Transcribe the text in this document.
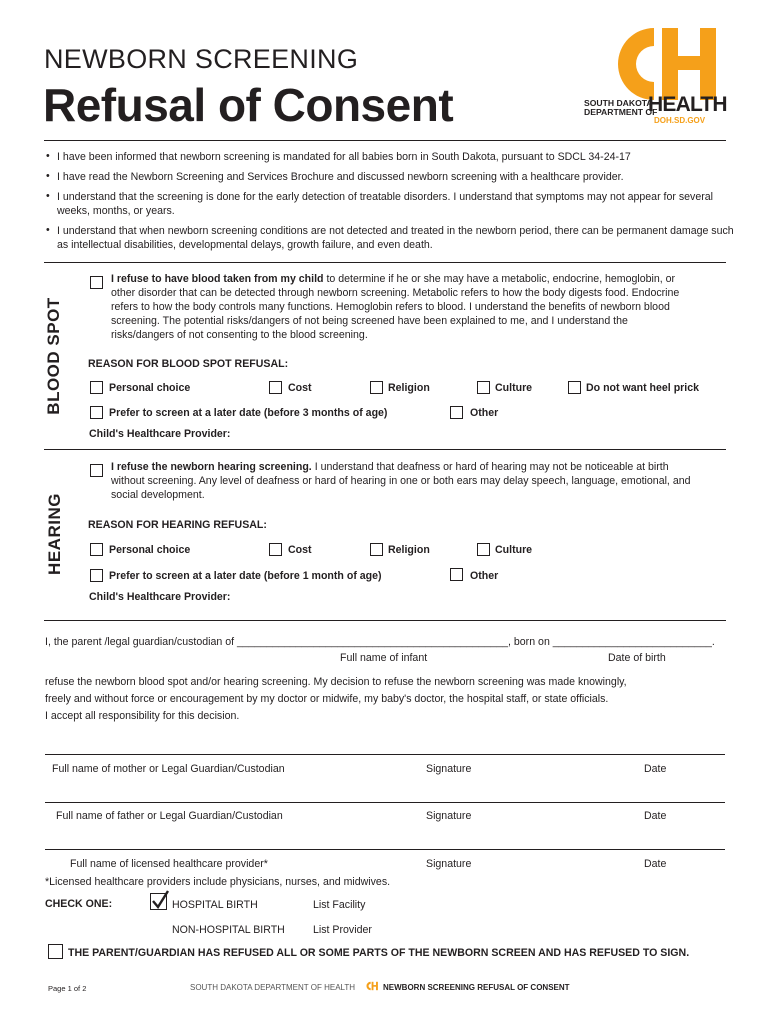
NEWBORN SCREENING
Refusal of Consent	SOUTH DAKOTA
DEPARTMENT OF
HEALTH
DOH.SD.GOV
• I have been informed that newborn screening is mandated for all babies born in South Dakota, pursuant to SDCL 34-24-17
• I have read the Newborn Screening and Services Brochure and discussed newborn screening with a healthcare provider.
• I understand that the screening is done for the early detection of treatable disorders. I understand that symptoms may not appear for several weeks, months, or years.
• I understand that when newborn screening conditions are not detected and treated in the newborn period, there can be permanent damage such as intellectual disabilities, developmental delays, growth failure, and even death.
BLOOD SPOT
I refuse to have blood taken from my child to determine if he or she may have a metabolic, endocrine, hemoglobin, or other disorder that can be detected through newborn screening. Metabolic refers to how the body digests food. Endocrine refers to how the body controls many functions. Hemoglobin refers to blood. I understand the benefits of newborn blood screening. The potential risks/dangers of not being screened have been explained to me, and I understand the risks/dangers of not consenting to the blood screening.
REASON FOR BLOOD SPOT REFUSAL:
Personal choice	Cost	Religion	Culture	Do not want heel prick
Prefer to screen at a later date (before 3 months of age)	Other
Child's Healthcare Provider:
HEARING
I refuse the newborn hearing screening. I understand that deafness or hard of hearing may not be noticeable at birth without screening. Any level of deafness or hard of hearing in one or both ears may delay speech, language, emotional, and social development.
REASON FOR HEARING REFUSAL:
Personal choice	Cost	Religion	Culture
Prefer to screen at a later date (before 1 month of age)	Other
Child's Healthcare Provider:
I, the parent /legal guardian/custodian of ______________________________________________, born on ___________________________.
Full name of infant	Date of birth
refuse the newborn blood spot and/or hearing screening. My decision to refuse the newborn screening was made knowingly,
freely and without force or encouragement by my doctor or midwife, my baby's doctor, the hospital staff, or state officials.
I accept all responsibility for this decision.
Full name of mother or Legal Guardian/Custodian	Signature	Date
Full name of father or Legal Guardian/Custodian	Signature	Date
Full name of licensed healthcare provider*	Signature	Date
*Licensed healthcare providers include physicians, nurses, and midwives.
CHECK ONE:	HOSPITAL BIRTH	List Facility
NON-HOSPITAL BIRTH	List Provider
THE PARENT/GUARDIAN HAS REFUSED ALL OR SOME PARTS OF THE NEWBORN SCREEN AND HAS REFUSED TO SIGN.
Page 1 of 2	SOUTH DAKOTA DEPARTMENT OF HEALTH	NEWBORN SCREENING REFUSAL OF CONSENT
